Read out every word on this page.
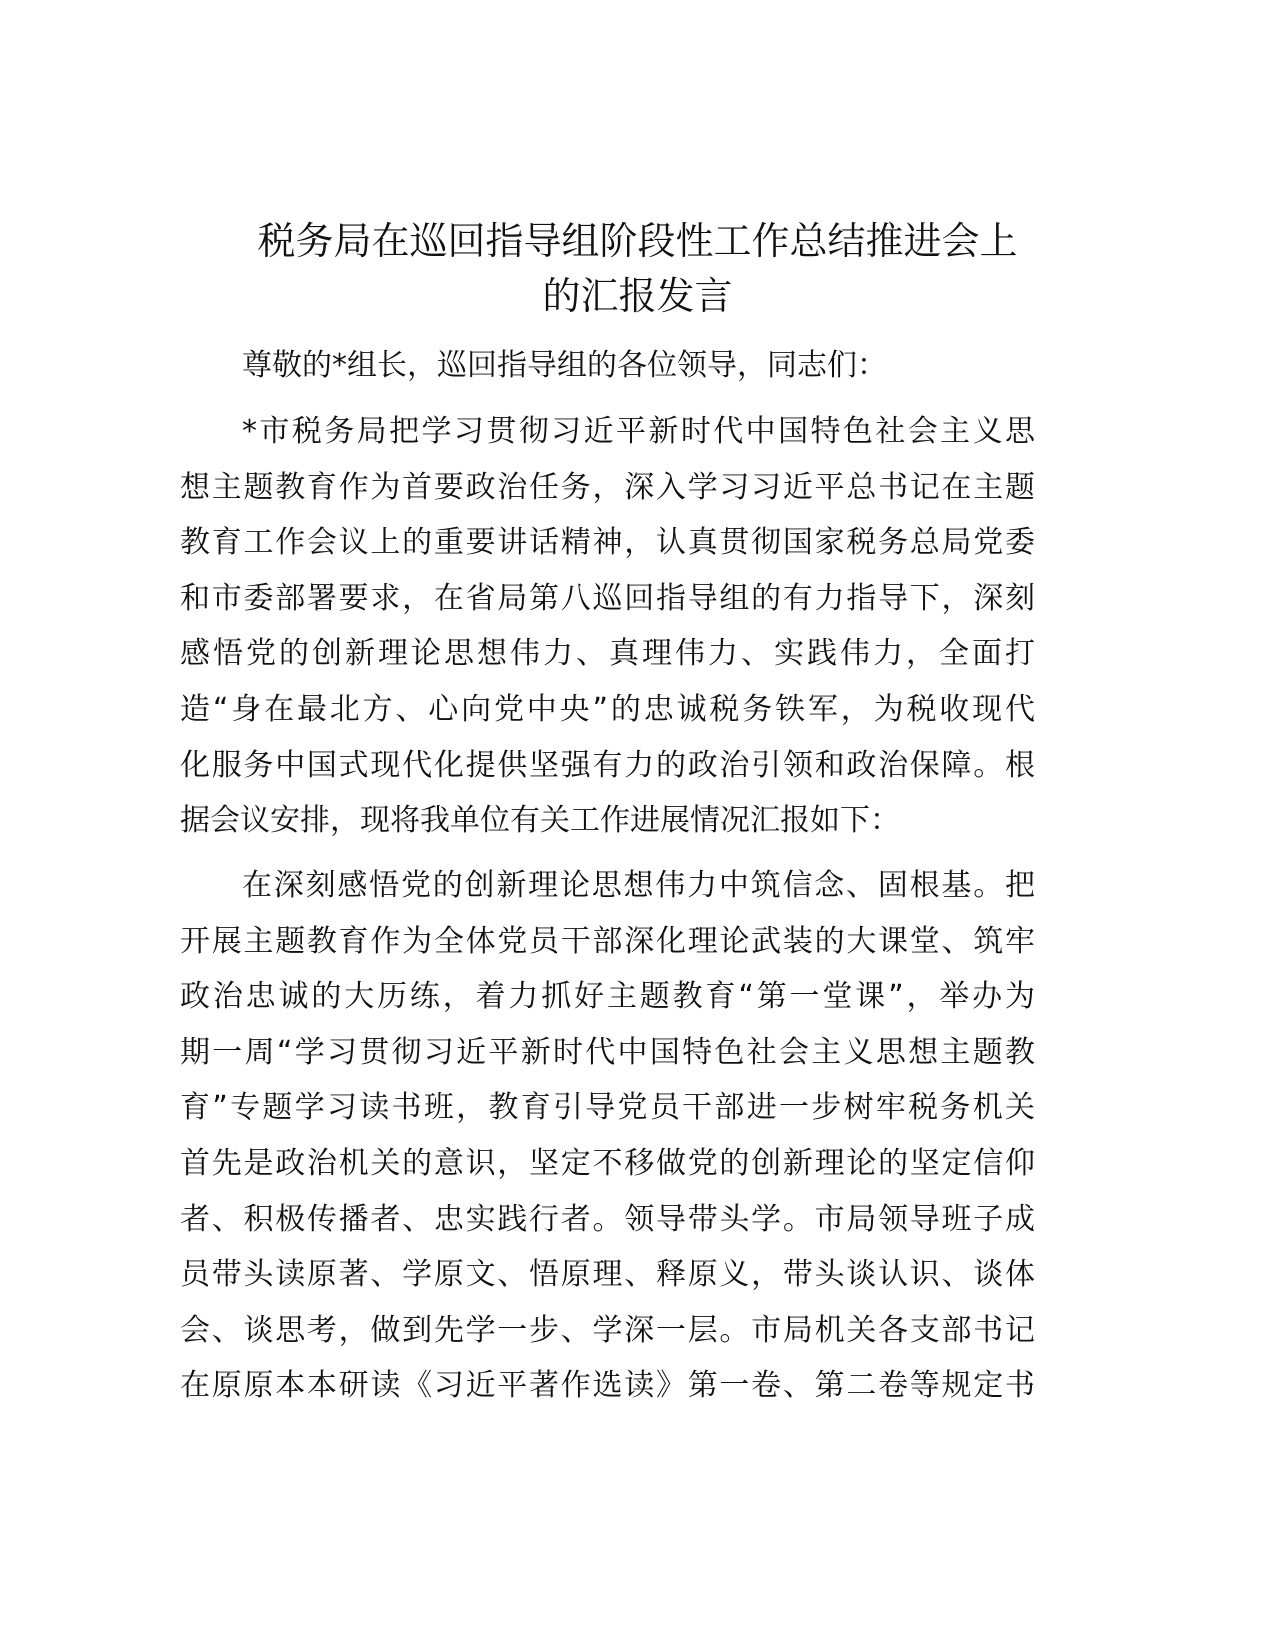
税务局在巡回指导组阶段性工作总结推进会上
的汇报发言
尊敬的*组长，巡回指导组的各位领导，同志们：
*市税务局把学习贯彻习近平新时代中国特色社会主义思
想主题教育作为首要政治任务，深入学习习近平总书记在主题
教育工作会议上的重要讲话精神，认真贯彻国家税务总局党委
和市委部署要求，在省局第八巡回指导组的有力指导下，深刻
感悟党的创新理论思想伟力、真理伟力、实践伟力，全面打
造“身在最北方、心向党中央”的忠诚税务铁军，为税收现代
化服务中国式现代化提供坚强有力的政治引领和政治保障。根
据会议安排，现将我单位有关工作进展情况汇报如下：
在深刻感悟党的创新理论思想伟力中筑信念、固根基。把
开展主题教育作为全体党员干部深化理论武装的大课堂、筑牢
政治忠诚的大历练，着力抓好主题教育“第一堂课”，举办为
期一周“学习贯彻习近平新时代中国特色社会主义思想主题教
育”专题学习读书班，教育引导党员干部进一步树牢税务机关
首先是政治机关的意识，坚定不移做党的创新理论的坚定信仰
者、积极传播者、忠实践行者。领导带头学。市局领导班子成
员带头读原著、学原文、悟原理、释原义，带头谈认识、谈体
会、谈思考，做到先学一步、学深一层。市局机关各支部书记
在原原本本研读《习近平著作选读》第一卷、第二卷等规定书
